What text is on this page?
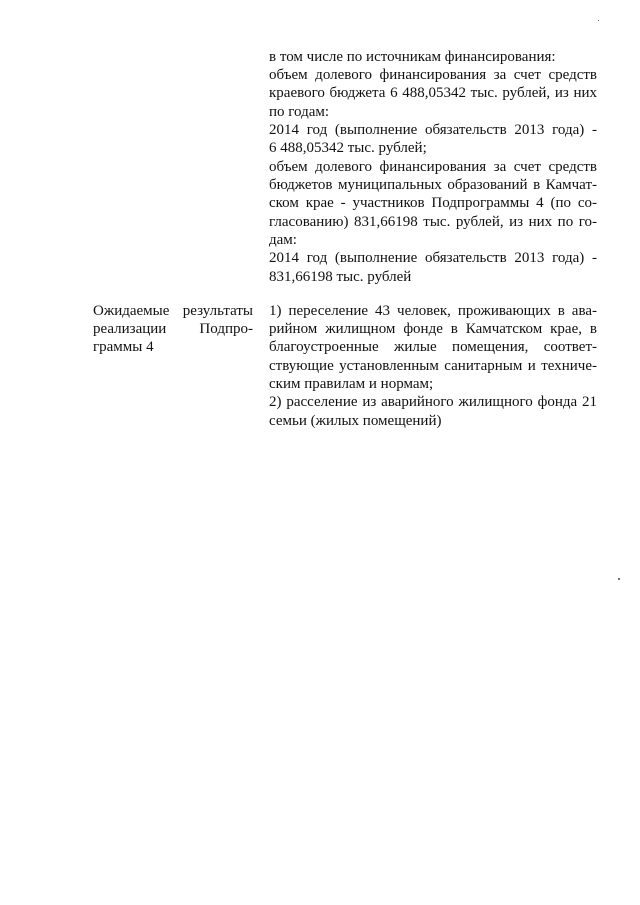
в том числе по источникам финансирования:
объем долевого финансирования за счет средств
краевого бюджета 6 488,05342 тыс. рублей, из них
по годам:
2014 год (выполнение обязательств 2013 года) -
6 488,05342 тыс. рублей;
объем долевого финансирования за счет средств
бюджетов муниципальных образований в Камчат-
ском крае - участников Подпрограммы 4 (по со-
гласованию) 831,66198 тыс. рублей, из них по го-
дам:
2014 год (выполнение обязательств 2013 года) -
831,66198 тыс. рублей
Ожидаемые результаты
реализации Подпро-
граммы 4
1) переселение 43 человек, проживающих в ава-
рийном жилищном фонде в Камчатском крае, в
благоустроенные жилые помещения, соответ-
ствующие установленным санитарным и техниче-
ским правилам и нормам;
2) расселение из аварийного жилищного фонда 21
семьи (жилых помещений)
